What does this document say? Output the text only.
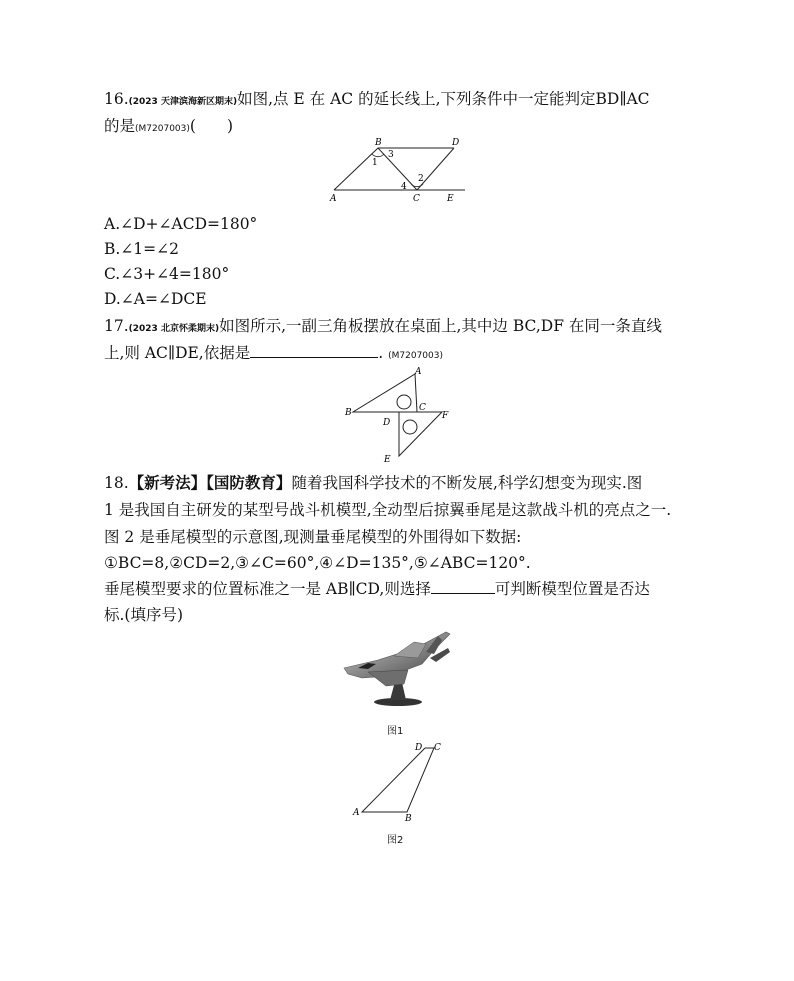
16.(2023 天津滨海新区期末)如图,点 E 在 AC 的延长线上,下列条件中一定能判定BD∥AC
的是(M7207003)(　　)
B	D
A	C	E
1
3
2
4
A.∠D+∠ACD=180°
B.∠1=∠2
C.∠3+∠4=180°
D.∠A=∠DCE
17.(2023 北京怀柔期末)如图所示,一副三角板摆放在桌面上,其中边 BC,DF 在同一条直线
上,则 AC∥DE,依据是	. (M7207003)
A
B	C
D
F
E
18.【新考法】【国防教育】随着我国科学技术的不断发展,科学幻想变为现实.图
1 是我国自主研发的某型号战斗机模型,全动型后掠翼垂尾是这款战斗机的亮点之一.
图 2 是垂尾模型的示意图,现测量垂尾模型的外围得如下数据:
①BC=8,②CD=2,③∠C=60°,④∠D=135°,⑤∠ABC=120°.
垂尾模型要求的位置标准之一是 AB∥CD,则选择	可判断模型位置是否达
标.(填序号)
图1
D C
A
B
图2
